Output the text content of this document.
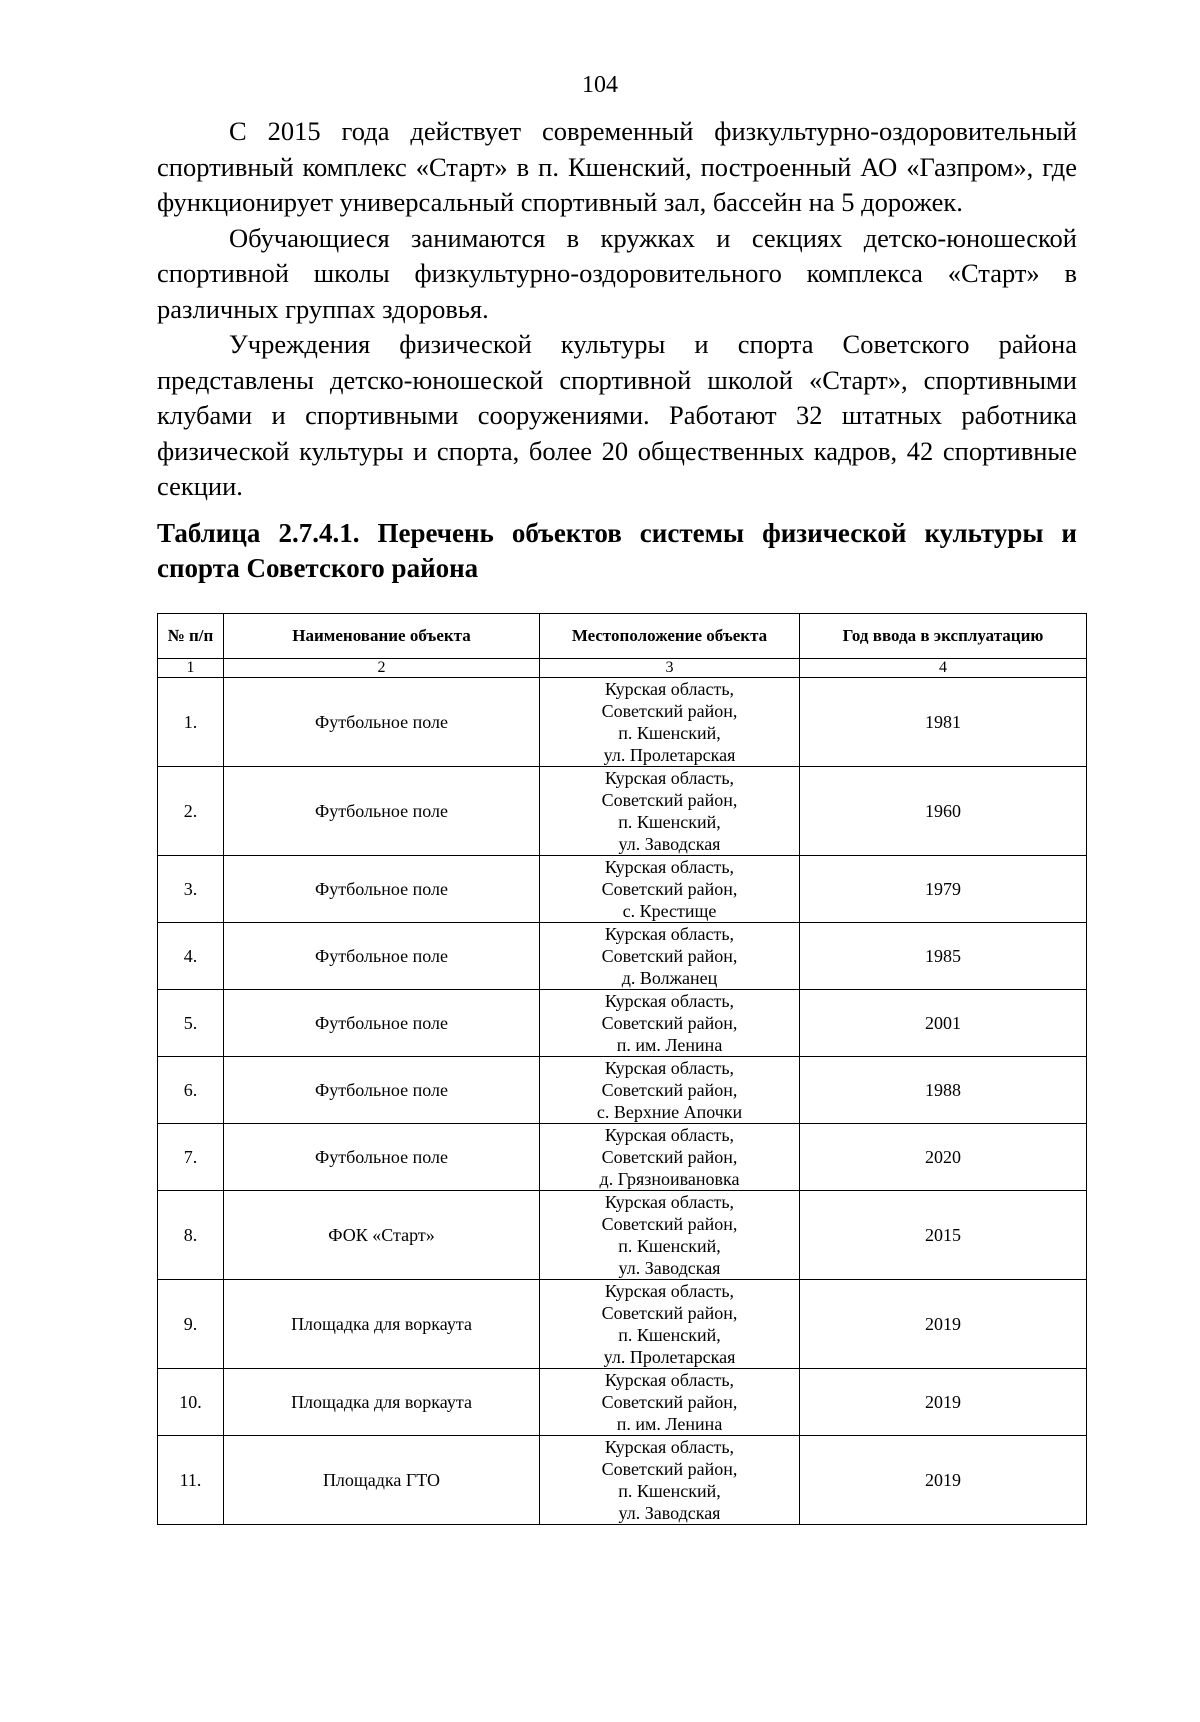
104

С 2015 года действует современный физкультурно-оздоровительный спортивный комплекс «Старт» в п. Кшенский, построенный АО «Газпром», где функционирует универсальный спортивный зал, бассейн на 5 дорожек.

Обучающиеся занимаются в кружках и секциях детско-юношеской спортивной школы физкультурно-оздоровительного комплекса «Старт» в различных группах здоровья.

Учреждения физической культуры и спорта Советского района представлены детско-юношеской спортивной школой «Старт», спортивными клубами и спортивными сооружениями. Работают 32 штатных работника физической культуры и спорта, более 20 общественных кадров, 42 спортивные секции.

Таблица 2.7.4.1. Перечень объектов системы физической культуры и спорта Советского района
№ п/п	Наименование объекта	Местоположение объекта	Год ввода в эксплуатацию
1	2	3	4
1.	Футбольное поле	Курская область,
Советский район,
п. Кшенский,
ул. Пролетарская	1981
2.	Футбольное поле	Курская область,
Советский район,
п. Кшенский,
ул. Заводская	1960
3.	Футбольное поле	Курская область,
Советский район,
с. Крестище	1979
4.	Футбольное поле	Курская область,
Советский район,
д. Волжанец	1985
5.	Футбольное поле	Курская область,
Советский район,
п. им. Ленина	2001
6.	Футбольное поле	Курская область,
Советский район,
с. Верхние Апочки	1988
7.	Футбольное поле	Курская область,
Советский район,
д. Грязноивановка	2020
8.	ФОК «Старт»	Курская область,
Советский район,
п. Кшенский,
ул. Заводская	2015
9.	Площадка для воркаута	Курская область,
Советский район,
п. Кшенский,
ул. Пролетарская	2019
10.	Площадка для воркаута	Курская область,
Советский район,
п. им. Ленина	2019
11.	Площадка ГТО	Курская область,
Советский район,
п. Кшенский,
ул. Заводская	2019
